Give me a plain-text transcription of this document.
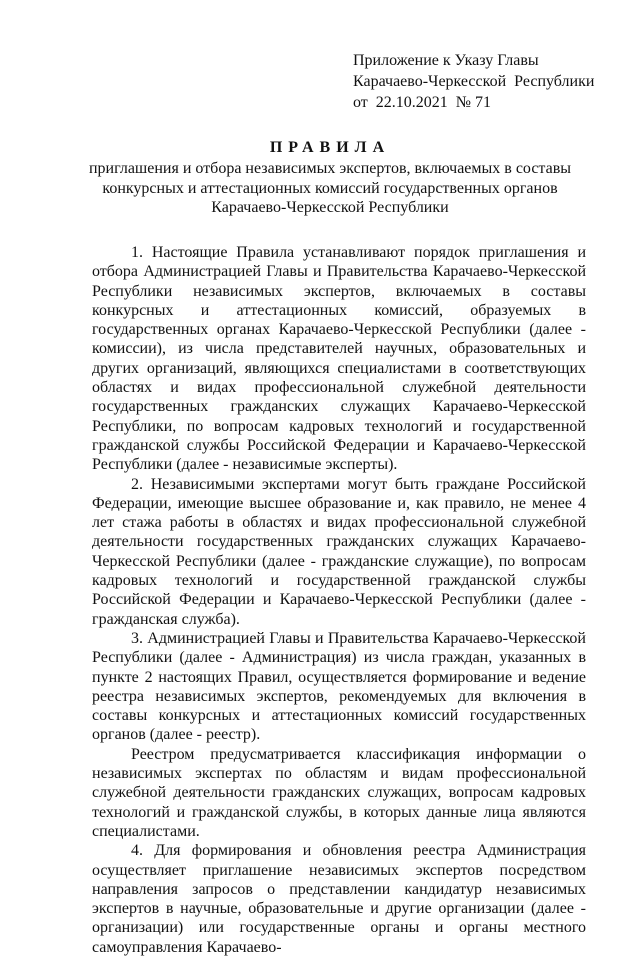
Приложение к Указу Главы
Карачаево-Черкесской  Республики
от  22.10.2021  № 71
ПРАВИЛА
приглашения и отбора независимых экспертов, включаемых в составы
конкурсных и аттестационных комиссий государственных органов
Карачаево-Черкесской Республики

1. Настоящие Правила устанавливают порядок приглашения и отбора Администрацией Главы и Правительства Карачаево-Черкесской Республики независимых экспертов, включаемых в составы конкурсных и аттестационных комиссий, образуемых в государственных органах Карачаево-Черкесской Республики (далее - комиссии), из числа представителей научных, образовательных и других организаций, являющихся специалистами в соответствующих областях и видах профессиональной служебной деятельности государственных гражданских служащих Карачаево-Черкесской Республики, по вопросам кадровых технологий и государственной гражданской службы Российской Федерации и Карачаево-Черкесской Республики (далее - независимые эксперты).

2. Независимыми экспертами могут быть граждане Российской Федерации, имеющие высшее образование и, как правило, не менее 4 лет стажа работы в областях и видах профессиональной служебной деятельности государственных гражданских служащих Карачаево-Черкесской Республики (далее - гражданские служащие), по вопросам кадровых технологий и государственной гражданской службы Российской Федерации и Карачаево-Черкесской Республики (далее - гражданская служба).

3. Администрацией Главы и Правительства Карачаево-Черкесской Республики (далее - Администрация) из числа граждан, указанных в пункте 2 настоящих Правил, осуществляется формирование и ведение реестра независимых экспертов, рекомендуемых для включения в составы конкурсных и аттестационных комиссий государственных органов (далее - реестр).

Реестром предусматривается классификация информации о независимых экспертах по областям и видам профессиональной служебной деятельности гражданских служащих, вопросам кадровых технологий и гражданской службы, в которых данные лица являются специалистами.

4. Для формирования и обновления реестра Администрация осуществляет приглашение независимых экспертов посредством направления запросов о представлении кандидатур независимых экспертов в научные, образовательные и другие организации (далее - организации) или государственные органы и органы местного самоуправления Карачаево-
